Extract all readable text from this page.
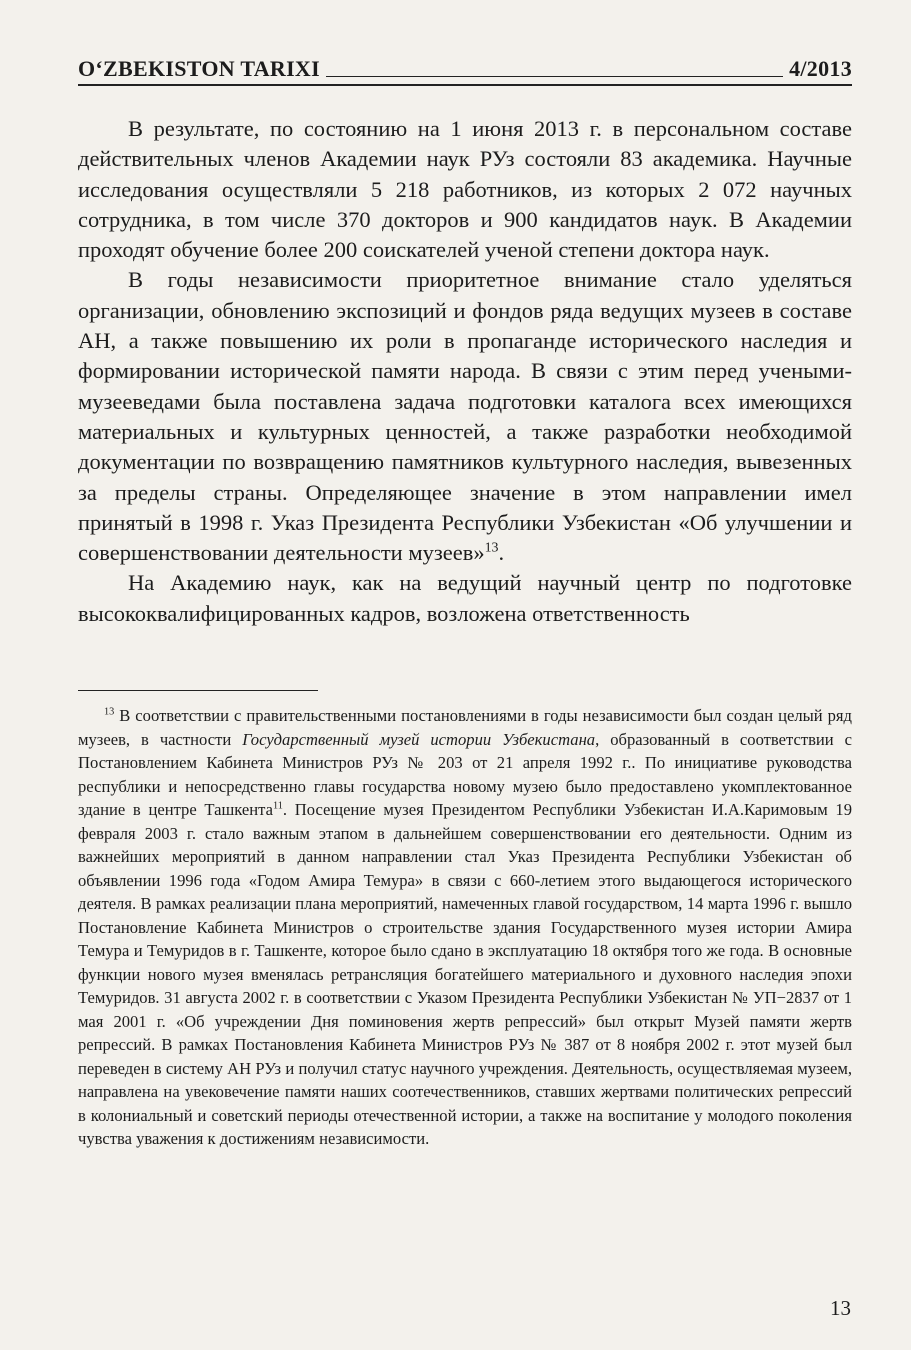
O‘ZBEKISTON TARIXI	4/2013

В результате, по состоянию на 1 июня 2013 г. в персональном составе действительных членов Академии наук РУз состояли 83 академика. Научные исследования осуществляли 5 218 работников, из которых 2 072 научных сотрудника, в том числе 370 докторов и 900 кандидатов наук. В Академии проходят обучение более 200 соискателей ученой степени доктора наук.

В годы независимости приоритетное внимание стало уделяться организации, обновлению экспозиций и фондов ряда ведущих музеев в составе АН, а также повышению их роли в пропаганде исторического наследия и формировании исторической памяти народа. В связи с этим перед учеными-музееведами была поставлена задача подготовки каталога всех имеющихся материальных и культурных ценностей, а также разработки необходимой документации по возвращению памятников культурного наследия, вывезенных за пределы страны. Определяющее значение в этом направлении имел принятый в 1998 г. Указ Президента Республики Узбекистан «Об улучшении и совершенствовании деятельности музеев»$^{13}$.

На Академию наук, как на ведущий научный центр по подготовке высококвалифицированных кадров, возложена ответственность

$^{13}$ В соответствии с правительственными постановлениями в годы независимости был создан целый ряд музеев, в частности Государственный музей истории Узбекистана, образованный в соответствии с Постановлением Кабинета Министров РУз № 203 от 21 апреля 1992 г.. По инициативе руководства республики и непосредственно главы государства новому музею было предоставлено укомплектованное здание в центре Ташкента$^{11}$. Посещение музея Президентом Республики Узбекистан И.А.Каримовым 19 февраля 2003 г. стало важным этапом в дальнейшем совершенствовании его деятельности. Одним из важнейших мероприятий в данном направлении стал Указ Президента Республики Узбекистан об объявлении 1996 года «Годом Амира Темура» в связи с 660-летием этого выдающегося исторического деятеля. В рамках реализации плана мероприятий, намеченных главой государством, 14 марта 1996 г. вышло Постановление Кабинета Министров о строительстве здания Государственного музея истории Амира Темура и Темуридов в г. Ташкенте, которое было сдано в эксплуатацию 18 октября того же года. В основные функции нового музея вменялась ретрансляция богатейшего материального и духовного наследия эпохи Темуридов. 31 августа 2002 г. в соответствии с Указом Президента Республики Узбекистан № УП−2837 от 1 мая 2001 г. «Об учреждении Дня поминовения жертв репрессий» был открыт Музей памяти жертв репрессий. В рамках Постановления Кабинета Министров РУз № 387 от 8 ноября 2002 г. этот музей был переведен в систему АН РУз и получил статус научного учреждения. Деятельность, осуществляемая музеем, направлена на увековечение памяти наших соотечественников, ставших жертвами политических репрессий в колониальный и советский периоды отечественной истории, а также на воспитание у молодого поколения чувства уважения к достижениям независимости.

13
